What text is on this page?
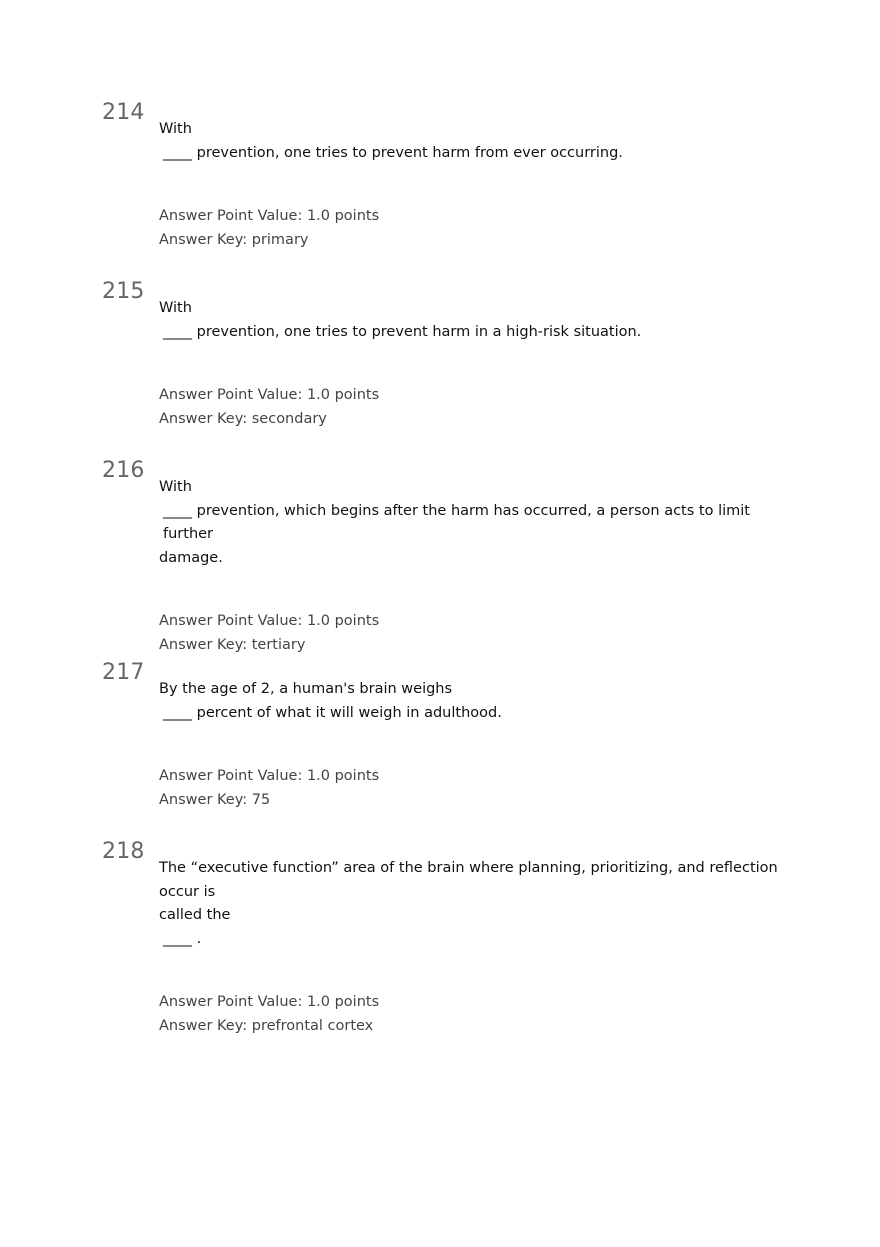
214
With
____ prevention, one tries to prevent harm from ever occurring.
Answer Point Value: 1.0 points
Answer Key: primary
215
With
____ prevention, one tries to prevent harm in a high-risk situation.
Answer Point Value: 1.0 points
Answer Key: secondary
216
With
____ prevention, which begins after the harm has occurred, a person acts to limit further
damage.
Answer Point Value: 1.0 points
Answer Key: tertiary
217
By the age of 2, a human's brain weighs
____ percent of what it will weigh in adulthood.
Answer Point Value: 1.0 points
Answer Key: 75
218
The “executive function” area of the brain where planning, prioritizing, and reflection occur is
called the
____ .
Answer Point Value: 1.0 points
Answer Key: prefrontal cortex
